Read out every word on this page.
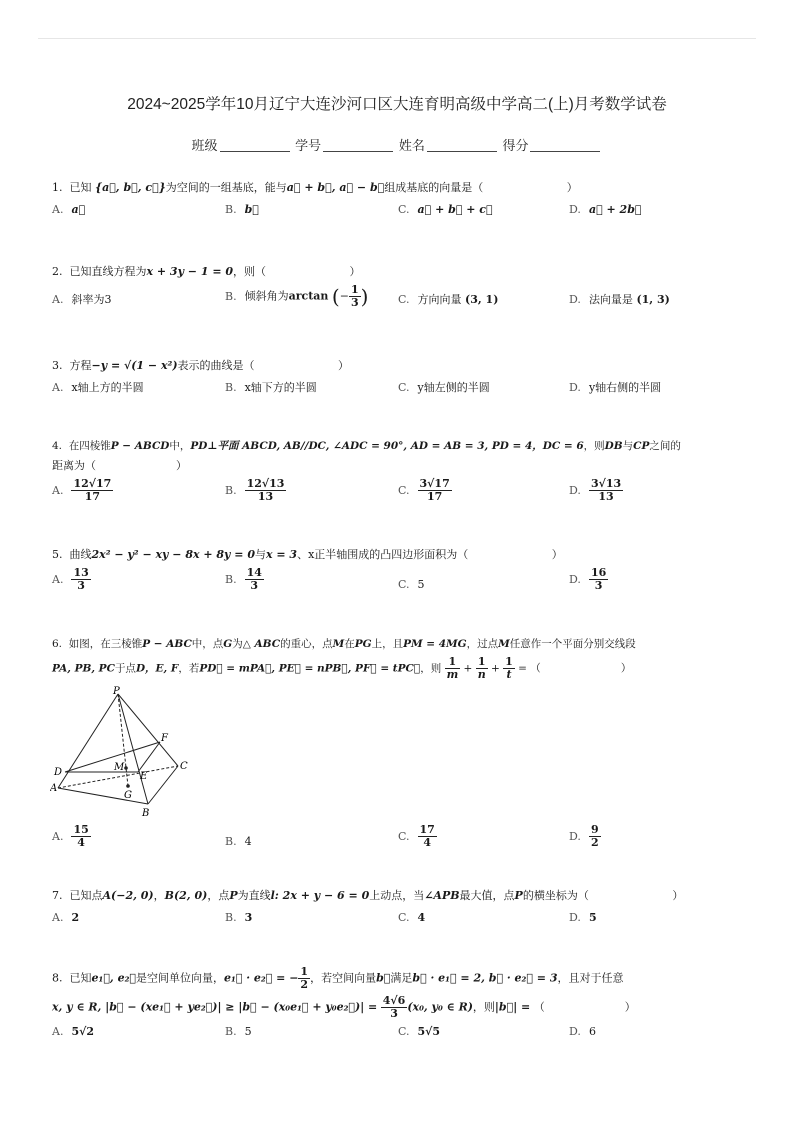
2024~2025学年10月辽宁大连沙河口区大连育明高级中学高二(上)月考数学试卷
班级	学号	姓名	得分
1. 已知 {a⃗, b⃗, c⃗}为空间的一组基底，能与a⃗ + b⃗, a⃗ − b⃗组成基底的向量是（	）
A. a⃗	B. b⃗	C. a⃗ + b⃗ + c⃗	D. a⃗ + 2b⃗
2. 已知直线方程为x + 3y − 1 = 0，则（	）
A. 斜率为3	B. 倾斜角为arctan (− $\frac{1}{3}$ )	C. 方向向量 (3, 1)	D. 法向量是 (1, 3)
3. 方程−y = √(1 − x²)表示的曲线是（	）
A. x轴上方的半圆	B. x轴下方的半圆	C. y轴左侧的半圆	D. y轴右侧的半圆
4. 在四棱锥P − ABCD中，PD⊥平面 ABCD, AB//DC, ∠ADC = 90°, AD = AB = 3, PD = 4，DC = 6，则DB与CP之间的
距离为（	）
A. $\frac{12√17}{17}$	B. $\frac{12√13}{13}$	C. $\frac{3√17}{17}$	D. $\frac{3√13}{13}$
5. 曲线2x² − y² − xy − 8x + 8y = 0与x = 3、x正半轴围成的凸四边形面积为（	）
A. $\frac{13}{3}$	B. $\frac{14}{3}$	C. 5	D. $\frac{16}{3}$
6. 如图，在三棱锥P − ABC中，点G为△ ABC的重心，点M在PG上，且PM = 4MG，过点M任意作一个平面分别交线段
PA, PB, PC于点D，E, F，若PD⃗ = mPA⃗, PE⃗ = nPB⃗, PF⃗ = tPC⃗，则 $\frac{1}{m} + \frac{1}{n} + \frac{1}{t}$ = （	）
P
F
D	M	C
E
A
G
B
A. $\frac{15}{4}$	B. 4	C. $\frac{17}{4}$	D. $\frac{9}{2}$
7. 已知点A(−2, 0)，B(2, 0)，点P为直线l: 2x + y − 6 = 0上动点，当∠APB最大值，点P的横坐标为（	）
A. 2	B. 3	C. 4	D. 5
8. 已知e₁⃗, e₂⃗是空间单位向量，e₁⃗ · e₂⃗ = − $\frac{1}{2}$ ，若空间向量b⃗满足b⃗ · e₁⃗ = 2, b⃗ · e₂⃗ = 3，且对于任意
x, y ∈ R, |b⃗ − (xe₁⃗ + ye₂⃗)| ≥ |b⃗ − (x₀e₁⃗ + y₀e₂⃗)| = $\frac{4√6}{3} (x_0$, y₀ ∈ R)，则|b⃗| = （	）
A. 5√2	B. 5	C. 5√5	D. 6
